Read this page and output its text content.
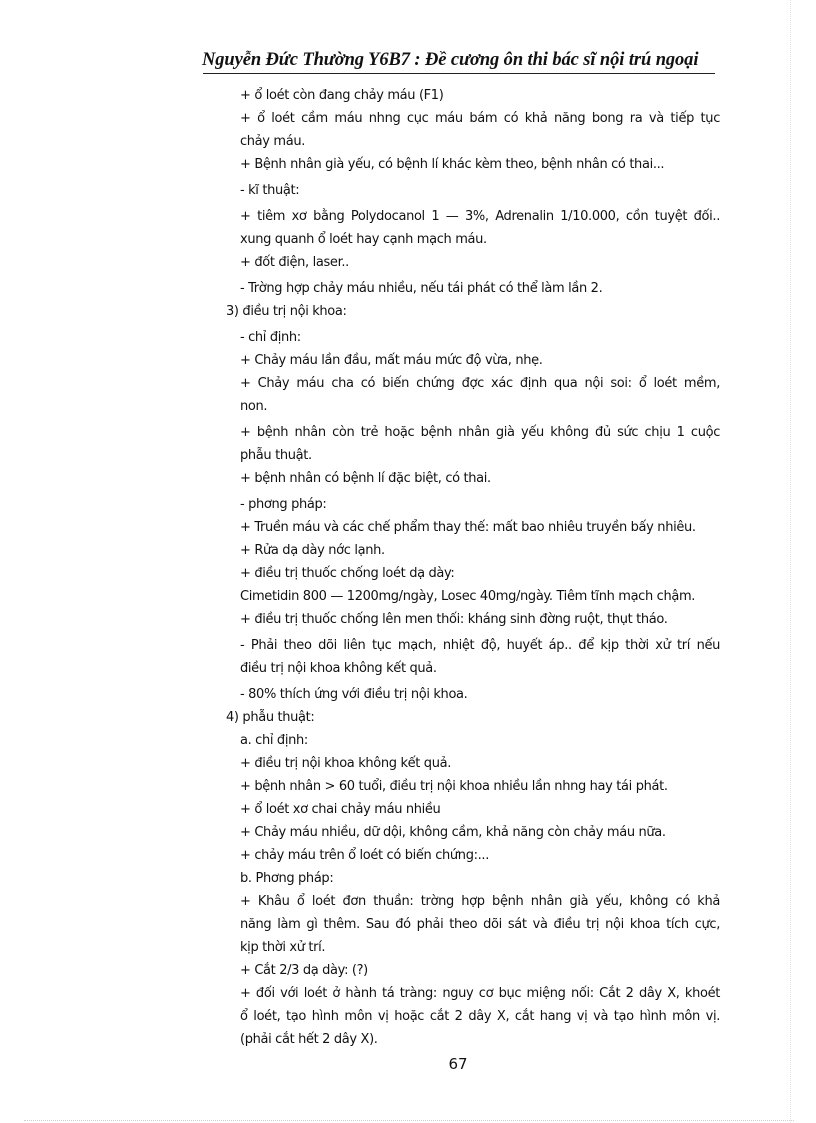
Nguyễn Đức Thường Y6B7 : Đề cương ôn thi bác sĩ nội trú ngoại
+ ổ loét còn đang chảy máu (F1)
+ ổ loét cầm máu nhng cục máu bám có khả năng bong ra và tiếp tục
chảy máu.
+ Bệnh nhân già yếu, có bệnh lí khác kèm theo, bệnh nhân có thai...
- kĩ thuật:
+ tiêm xơ bằng Polydocanol 1 — 3%, Adrenalin 1/10.000, cồn tuyệt đối..
xung quanh ổ loét hay cạnh mạch máu.
+ đốt điện, laser..
- Trờng hợp chảy máu nhiều, nếu tái phát có thể làm lần 2.
3) điều trị nội khoa:
- chỉ định:
+ Chảy máu lần đầu, mất máu mức độ vừa, nhẹ.
+ Chảy máu cha có biến chứng đợc xác định qua nội soi: ổ loét mềm,
non.
+ bệnh nhân còn trẻ hoặc bệnh nhân già yếu không đủ sức chịu 1 cuộc
phẫu thuật.
+ bệnh nhân có bệnh lí đặc biệt, có thai.
- phơng pháp:
+ Truền máu và các chế phẩm thay thế: mất bao nhiêu truyền bấy nhiêu.
+ Rửa dạ dày nớc lạnh.
+ điều trị thuốc chống loét dạ dày:
Cimetidin 800 — 1200mg/ngày, Losec 40mg/ngày. Tiêm tĩnh mạch chậm.
+ điều trị thuốc chống lên men thối: kháng sinh đờng ruột, thụt tháo.
- Phải theo dõi liên tục mạch, nhiệt độ, huyết áp.. để kịp thời xử trí nếu
điều trị nội khoa không kết quả.
- 80% thích ứng với điều trị nội khoa.
4) phẫu thuật:
a. chỉ định:
+ điều trị nội khoa không kết quả.
+ bệnh nhân > 60 tuổi, điều trị nội khoa nhiều lần nhng hay tái phát.
+ ổ loét xơ chai chảy máu nhiều
+ Chảy máu nhiều, dữ dội, không cầm, khả năng còn chảy máu nữa.
+ chảy máu trên ổ loét có biến chứng:...
b. Phơng pháp:
+ Khâu ổ loét đơn thuần: trờng hợp bệnh nhân già yếu, không có khả
năng làm gì thêm. Sau đó phải theo dõi sát và điều trị nội khoa tích cực,
kịp thời xử trí.
+ Cắt 2/3 dạ dày: (?)
+ đối với loét ở hành tá tràng: nguy cơ bục miệng nối: Cắt 2 dây X, khoét
ổ loét, tạo hình môn vị hoặc cắt 2 dây X, cắt hang vị và tạo hình môn vị.
(phải cắt hết 2 dây X).
67
